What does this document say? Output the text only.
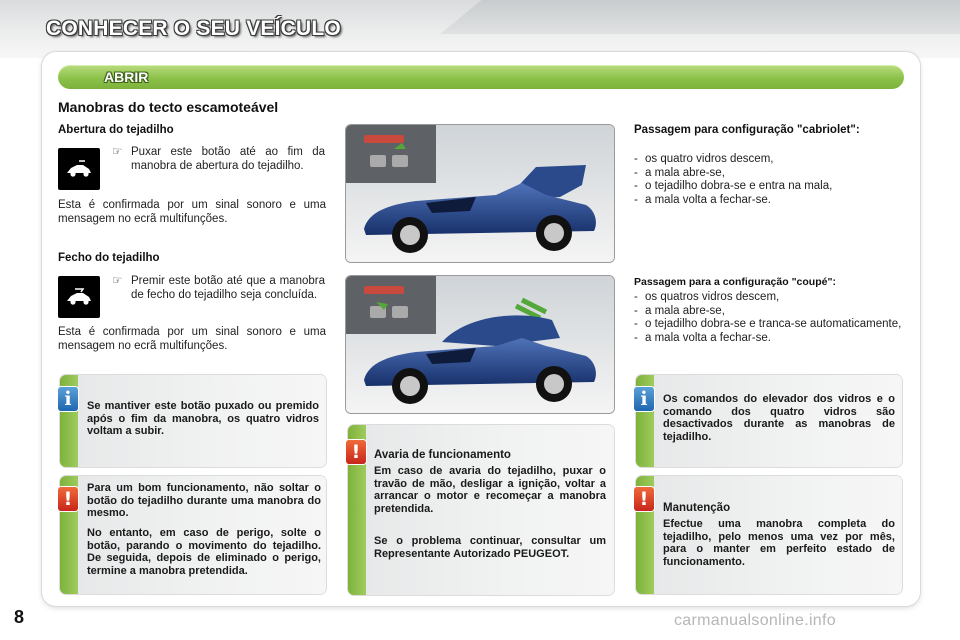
CONHECER O SEU VEÍCULO
ABRIR
Manobras do tecto escamoteável
Abertura do tejadilho
☞ Puxar este botão até ao fim da manobra de abertura do tejadilho.
Esta é confirmada por um sinal sonoro e uma mensagem no ecrã multifunções.
Fecho do tejadilho
☞ Premir este botão até que a manobra de fecho do tejadilho seja concluída.
Esta é confirmada por um sinal sonoro e uma mensagem no ecrã multifunções.
Passagem para configuração "cabriolet":
- os quatro vidros descem,
- a mala abre-se,
- o tejadilho dobra-se e entra na mala,
- a mala volta a fechar-se.
Passagem para a configuração "coupé":
- os quatros vidros descem,
- a mala abre-se,
- o tejadilho dobra-se e tranca-se automaticamente,
- a mala volta a fechar-se.
i	Se mantiver este botão puxado ou premido após o fim da manobra, os quatro vidros voltam a subir.
!	Para um bom funcionamento, não soltar o botão do tejadilho durante uma manobra do mesmo.
No entanto, em caso de perigo, solte o botão, parando o movimento do tejadilho. De seguida, depois de eliminado o perigo, termine a manobra pretendida.
!	Avaria de funcionamento
Em caso de avaria do tejadilho, puxar o travão de mão, desligar a ignição, voltar a arrancar o motor e recomeçar a manobra pretendida.
Se o problema continuar, consultar um Representante Autorizado PEUGEOT.
i	Os comandos do elevador dos vidros e o comando dos quatro vidros são desactivados durante as manobras de tejadilho.
!	Manutenção
Efectue uma manobra completa do tejadilho, pelo menos uma vez por mês, para o manter em perfeito estado de funcionamento.
8	carmanualsonline.info
